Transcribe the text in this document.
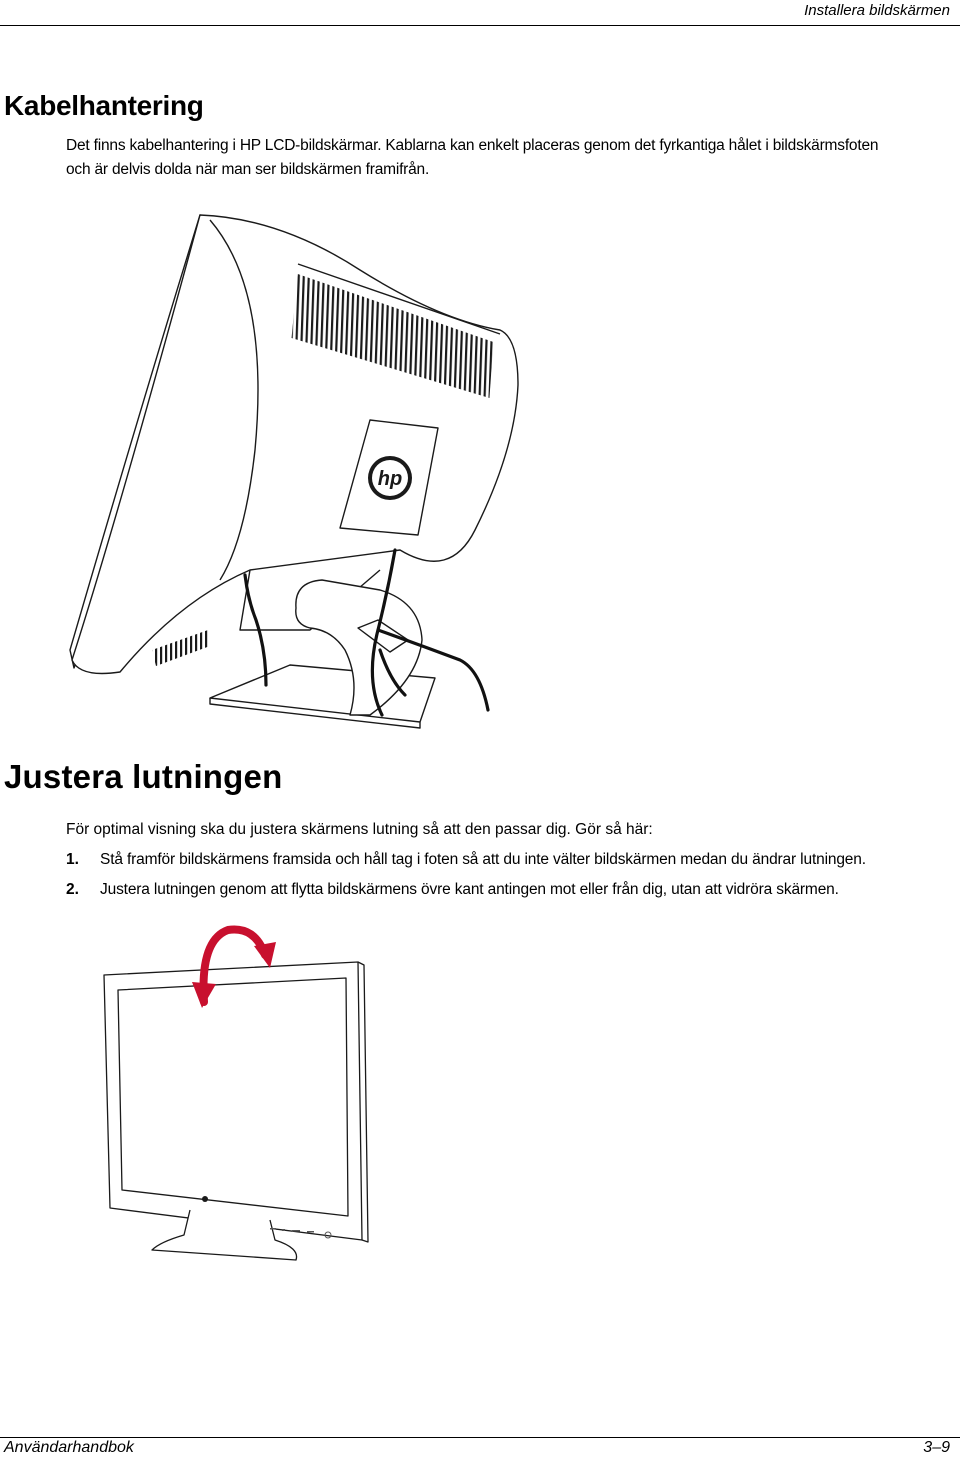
Installera bildskärmen
Kabelhantering
Det finns kabelhantering i HP LCD-bildskärmar. Kablarna kan enkelt placeras genom det fyrkantiga hålet i bildskärmsfoten
och är delvis dolda när man ser bildskärmen framifrån.
hp
Justera lutningen
För optimal visning ska du justera skärmens lutning så att den passar dig. Gör så här:
1.	Stå framför bildskärmens framsida och håll tag i foten så att du inte välter bildskärmen medan du ändrar lutningen.
2.	Justera lutningen genom att flytta bildskärmens övre kant antingen mot eller från dig, utan att vidröra skärmen.
Användarhandbok	3–9
